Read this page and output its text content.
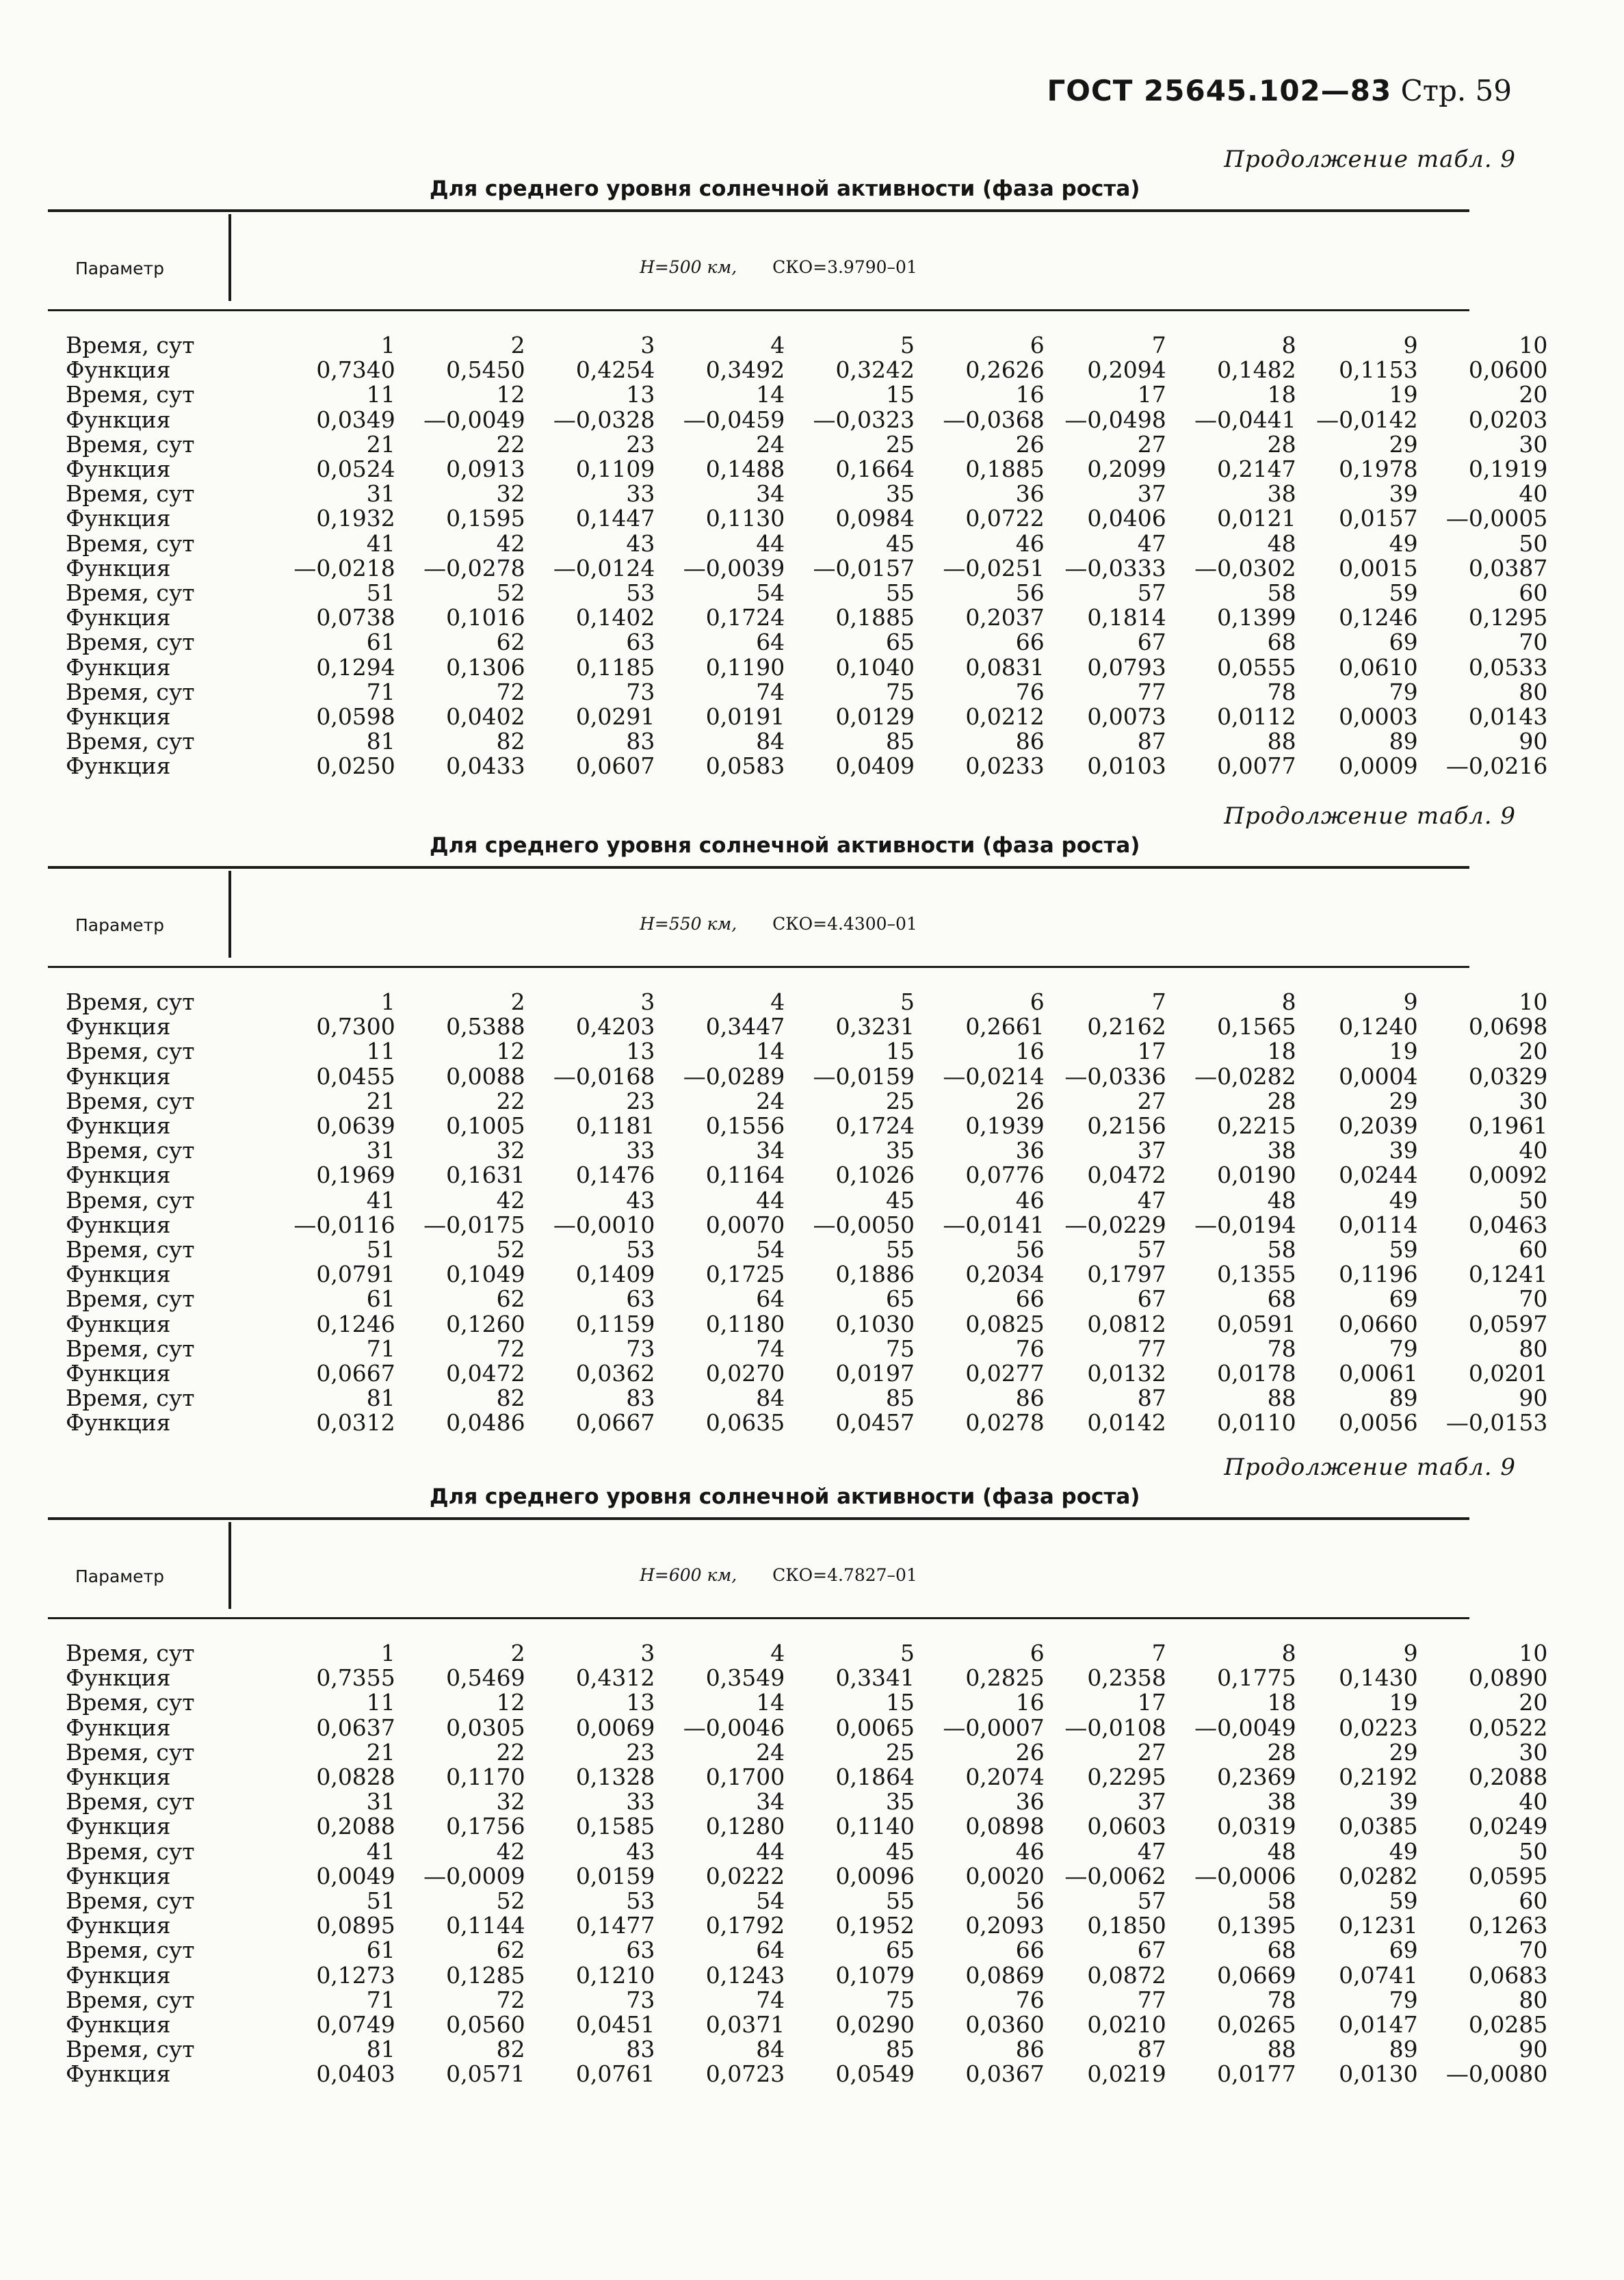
ГОСТ 25645.102—83 Стр. 59
Продолжение табл. 9
Для среднего уровня солнечной активности (фаза роста)
Параметр	H=500 км, СКО=3.9790–01
Время, сут	1	2	3	4	5	6	7	8	9	10
Функция	0,7340	0,5450	0,4254	0,3492	0,3242	0,2626	0,2094	0,1482	0,1153	0,0600
Время, сут	11	12	13	14	15	16	17	18	19	20
Функция	0,0349	—0,0049	—0,0328	—0,0459	—0,0323	—0,0368	—0,0498	—0,0441	—0,0142	0,0203
Время, сут	21	22	23	24	25	26	27	28	29	30
Функция	0,0524	0,0913	0,1109	0,1488	0,1664	0,1885	0,2099	0,2147	0,1978	0,1919
Время, сут	31	32	33	34	35	36	37	38	39	40
Функция	0,1932	0,1595	0,1447	0,1130	0,0984	0,0722	0,0406	0,0121	0,0157	—0,0005
Время, сут	41	42	43	44	45	46	47	48	49	50
Функция	—0,0218	—0,0278	—0,0124	—0,0039	—0,0157	—0,0251	—0,0333	—0,0302	0,0015	0,0387
Время, сут	51	52	53	54	55	56	57	58	59	60
Функция	0,0738	0,1016	0,1402	0,1724	0,1885	0,2037	0,1814	0,1399	0,1246	0,1295
Время, сут	61	62	63	64	65	66	67	68	69	70
Функция	0,1294	0,1306	0,1185	0,1190	0,1040	0,0831	0,0793	0,0555	0,0610	0,0533
Время, сут	71	72	73	74	75	76	77	78	79	80
Функция	0,0598	0,0402	0,0291	0,0191	0,0129	0,0212	0,0073	0,0112	0,0003	0,0143
Время, сут	81	82	83	84	85	86	87	88	89	90
Функция	0,0250	0,0433	0,0607	0,0583	0,0409	0,0233	0,0103	0,0077	0,0009	—0,0216
Продолжение табл. 9
Для среднего уровня солнечной активности (фаза роста)
Параметр	H=550 км, СКО=4.4300–01
Время, сут	1	2	3	4	5	6	7	8	9	10
Функция	0,7300	0,5388	0,4203	0,3447	0,3231	0,2661	0,2162	0,1565	0,1240	0,0698
Время, сут	11	12	13	14	15	16	17	18	19	20
Функция	0,0455	0,0088	—0,0168	—0,0289	—0,0159	—0,0214	—0,0336	—0,0282	0,0004	0,0329
Время, сут	21	22	23	24	25	26	27	28	29	30
Функция	0,0639	0,1005	0,1181	0,1556	0,1724	0,1939	0,2156	0,2215	0,2039	0,1961
Время, сут	31	32	33	34	35	36	37	38	39	40
Функция	0,1969	0,1631	0,1476	0,1164	0,1026	0,0776	0,0472	0,0190	0,0244	0,0092
Время, сут	41	42	43	44	45	46	47	48	49	50
Функция	—0,0116	—0,0175	—0,0010	0,0070	—0,0050	—0,0141	—0,0229	—0,0194	0,0114	0,0463
Время, сут	51	52	53	54	55	56	57	58	59	60
Функция	0,0791	0,1049	0,1409	0,1725	0,1886	0,2034	0,1797	0,1355	0,1196	0,1241
Время, сут	61	62	63	64	65	66	67	68	69	70
Функция	0,1246	0,1260	0,1159	0,1180	0,1030	0,0825	0,0812	0,0591	0,0660	0,0597
Время, сут	71	72	73	74	75	76	77	78	79	80
Функция	0,0667	0,0472	0,0362	0,0270	0,0197	0,0277	0,0132	0,0178	0,0061	0,0201
Время, сут	81	82	83	84	85	86	87	88	89	90
Функция	0,0312	0,0486	0,0667	0,0635	0,0457	0,0278	0,0142	0,0110	0,0056	—0,0153
Продолжение табл. 9
Для среднего уровня солнечной активности (фаза роста)
Параметр	H=600 км, СКО=4.7827–01
Время, сут	1	2	3	4	5	6	7	8	9	10
Функция	0,7355	0,5469	0,4312	0,3549	0,3341	0,2825	0,2358	0,1775	0,1430	0,0890
Время, сут	11	12	13	14	15	16	17	18	19	20
Функция	0,0637	0,0305	0,0069	—0,0046	0,0065	—0,0007	—0,0108	—0,0049	0,0223	0,0522
Время, сут	21	22	23	24	25	26	27	28	29	30
Функция	0,0828	0,1170	0,1328	0,1700	0,1864	0,2074	0,2295	0,2369	0,2192	0,2088
Время, сут	31	32	33	34	35	36	37	38	39	40
Функция	0,2088	0,1756	0,1585	0,1280	0,1140	0,0898	0,0603	0,0319	0,0385	0,0249
Время, сут	41	42	43	44	45	46	47	48	49	50
Функция	0,0049	—0,0009	0,0159	0,0222	0,0096	0,0020	—0,0062	—0,0006	0,0282	0,0595
Время, сут	51	52	53	54	55	56	57	58	59	60
Функция	0,0895	0,1144	0,1477	0,1792	0,1952	0,2093	0,1850	0,1395	0,1231	0,1263
Время, сут	61	62	63	64	65	66	67	68	69	70
Функция	0,1273	0,1285	0,1210	0,1243	0,1079	0,0869	0,0872	0,0669	0,0741	0,0683
Время, сут	71	72	73	74	75	76	77	78	79	80
Функция	0,0749	0,0560	0,0451	0,0371	0,0290	0,0360	0,0210	0,0265	0,0147	0,0285
Время, сут	81	82	83	84	85	86	87	88	89	90
Функция	0,0403	0,0571	0,0761	0,0723	0,0549	0,0367	0,0219	0,0177	0,0130	—0,0080
